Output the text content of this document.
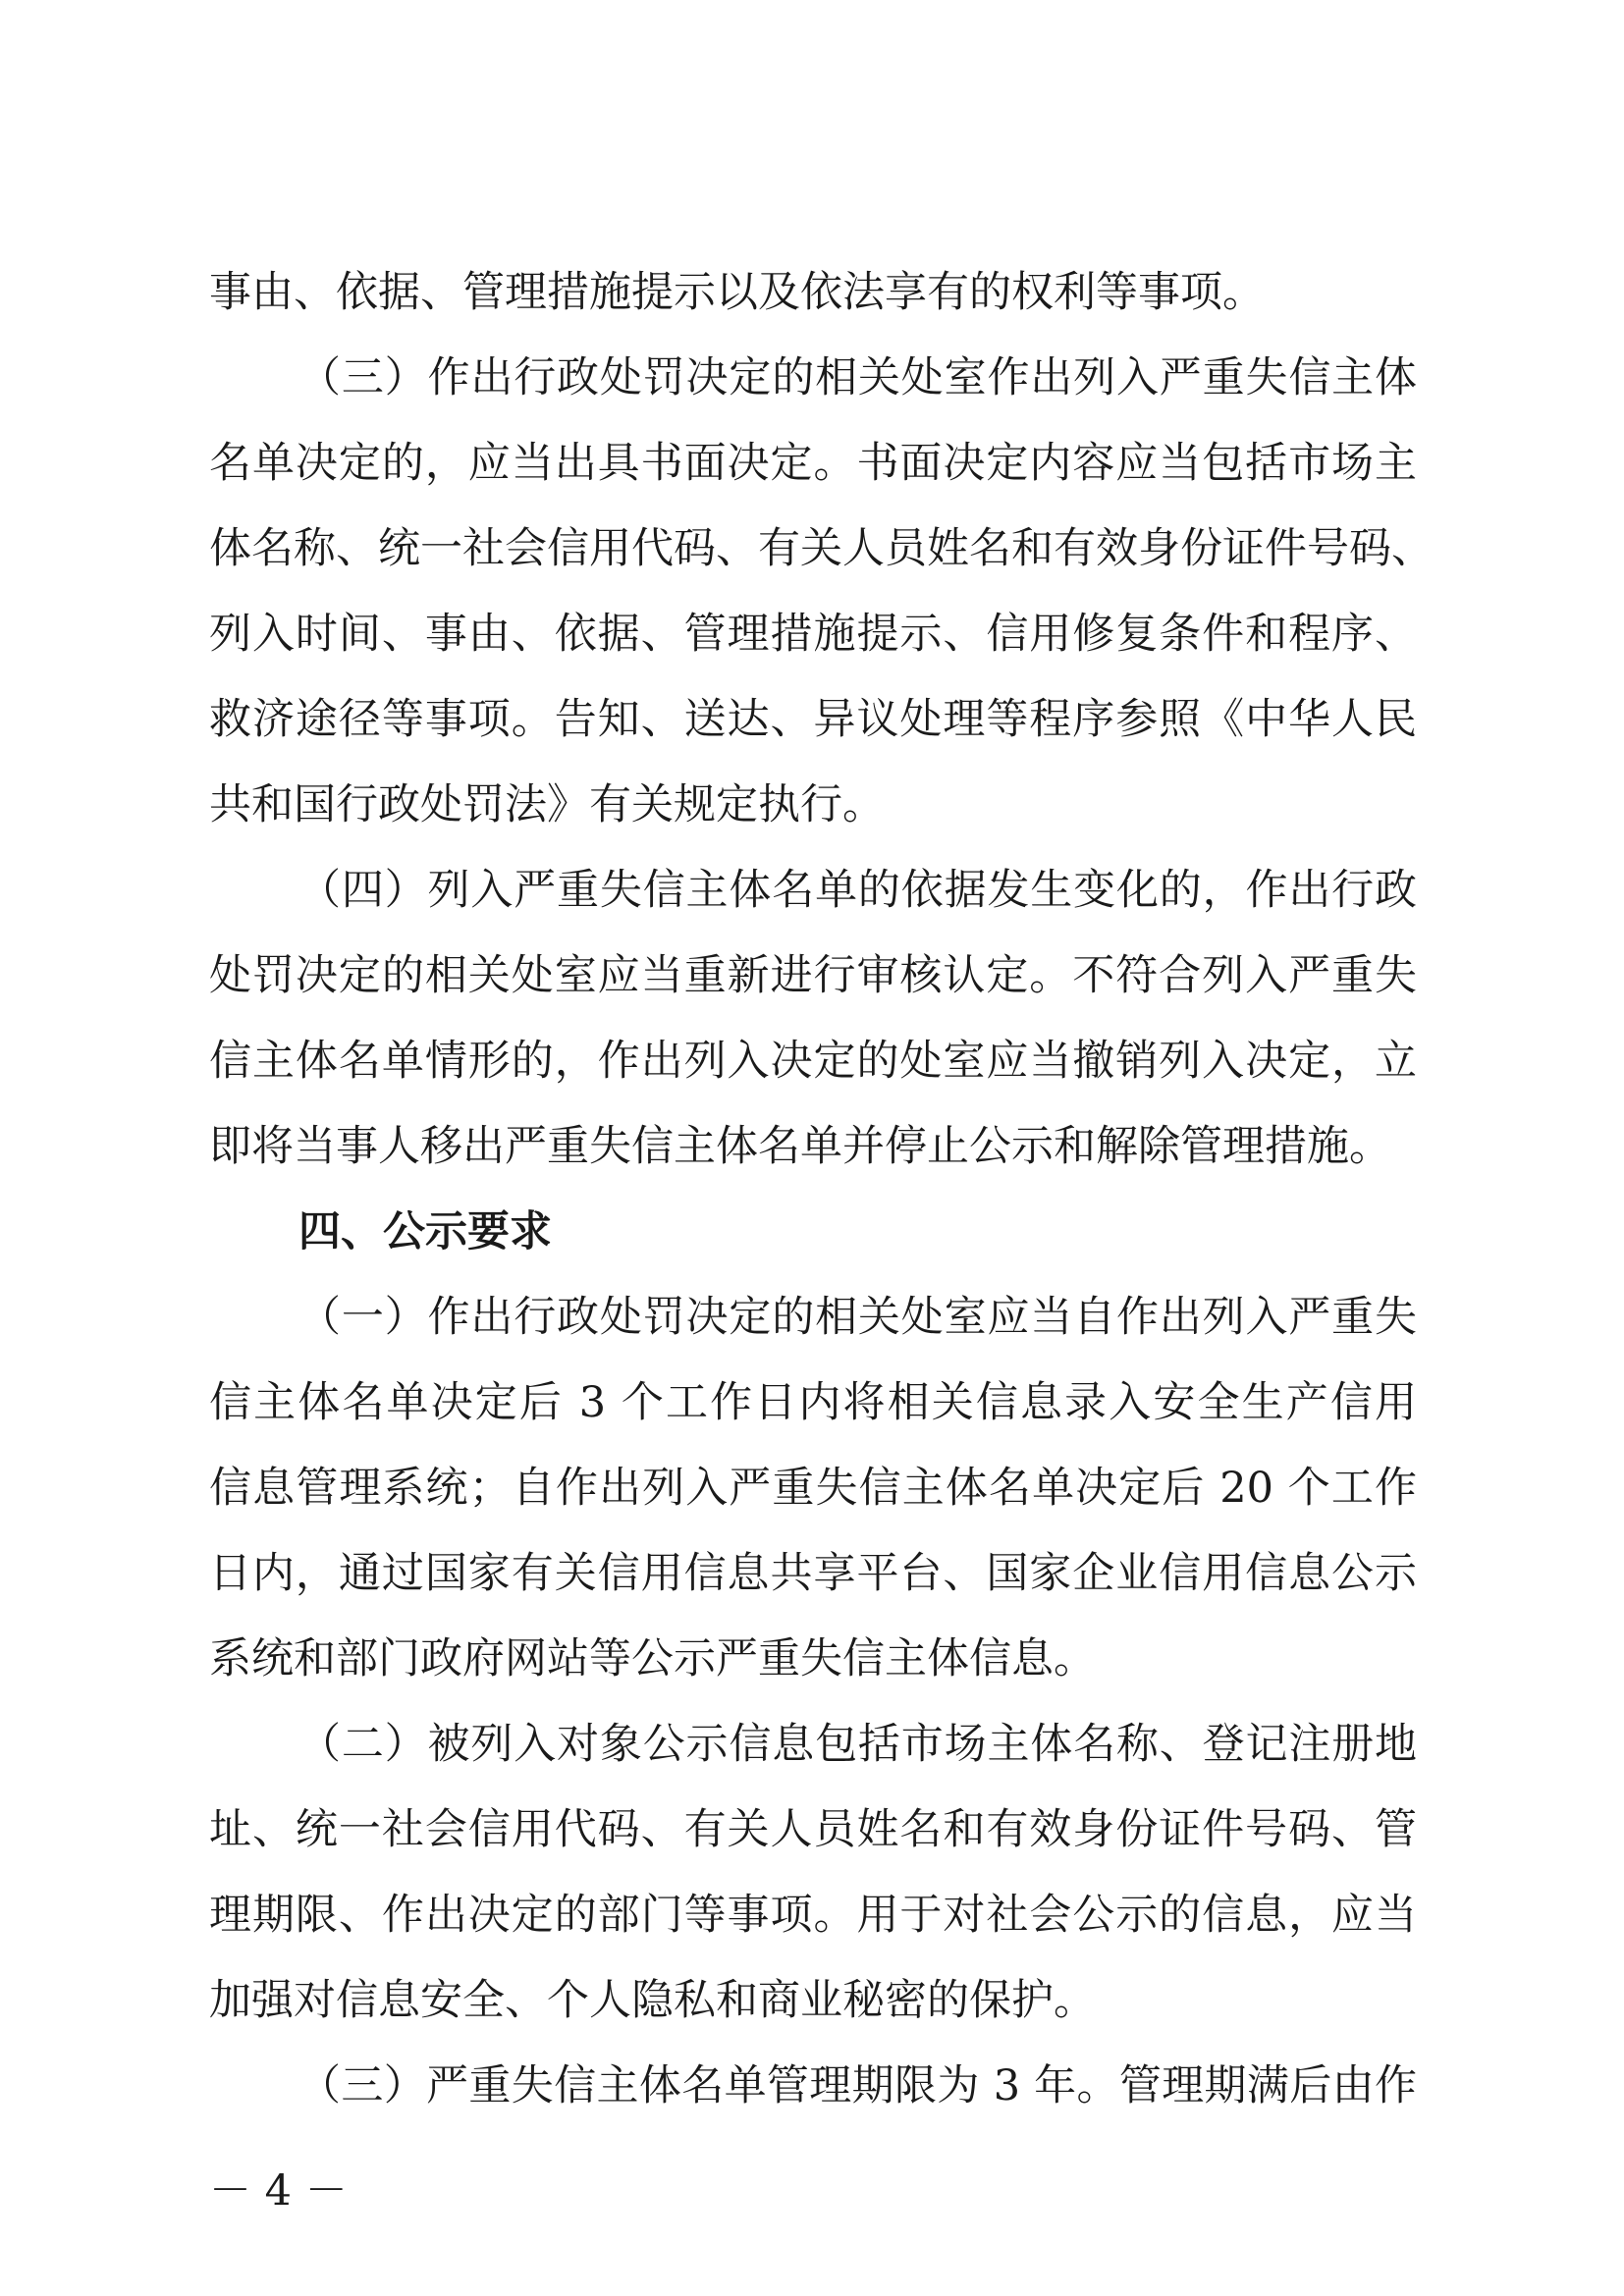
事由、依据、管理措施提示以及依法享有的权利等事项。
（三）作出行政处罚决定的相关处室作出列入严重失信主体
名单决定的，应当出具书面决定。书面决定内容应当包括市场主
体名称、统一社会信用代码、有关人员姓名和有效身份证件号码、
列入时间、事由、依据、管理措施提示、信用修复条件和程序、
救济途径等事项。告知、送达、异议处理等程序参照《中华人民
共和国行政处罚法》有关规定执行。
（四）列入严重失信主体名单的依据发生变化的，作出行政
处罚决定的相关处室应当重新进行审核认定。不符合列入严重失
信主体名单情形的，作出列入决定的处室应当撤销列入决定，立
即将当事人移出严重失信主体名单并停止公示和解除管理措施。
四、公示要求
（一）作出行政处罚决定的相关处室应当自作出列入严重失
信主体名单决定后 3 个工作日内将相关信息录入安全生产信用
信息管理系统；自作出列入严重失信主体名单决定后 20 个工作
日内，通过国家有关信用信息共享平台、国家企业信用信息公示
系统和部门政府网站等公示严重失信主体信息。
（二）被列入对象公示信息包括市场主体名称、登记注册地
址、统一社会信用代码、有关人员姓名和有效身份证件号码、管
理期限、作出决定的部门等事项。用于对社会公示的信息，应当
加强对信息安全、个人隐私和商业秘密的保护。
（三）严重失信主体名单管理期限为 3 年。管理期满后由作
－ 4 －
